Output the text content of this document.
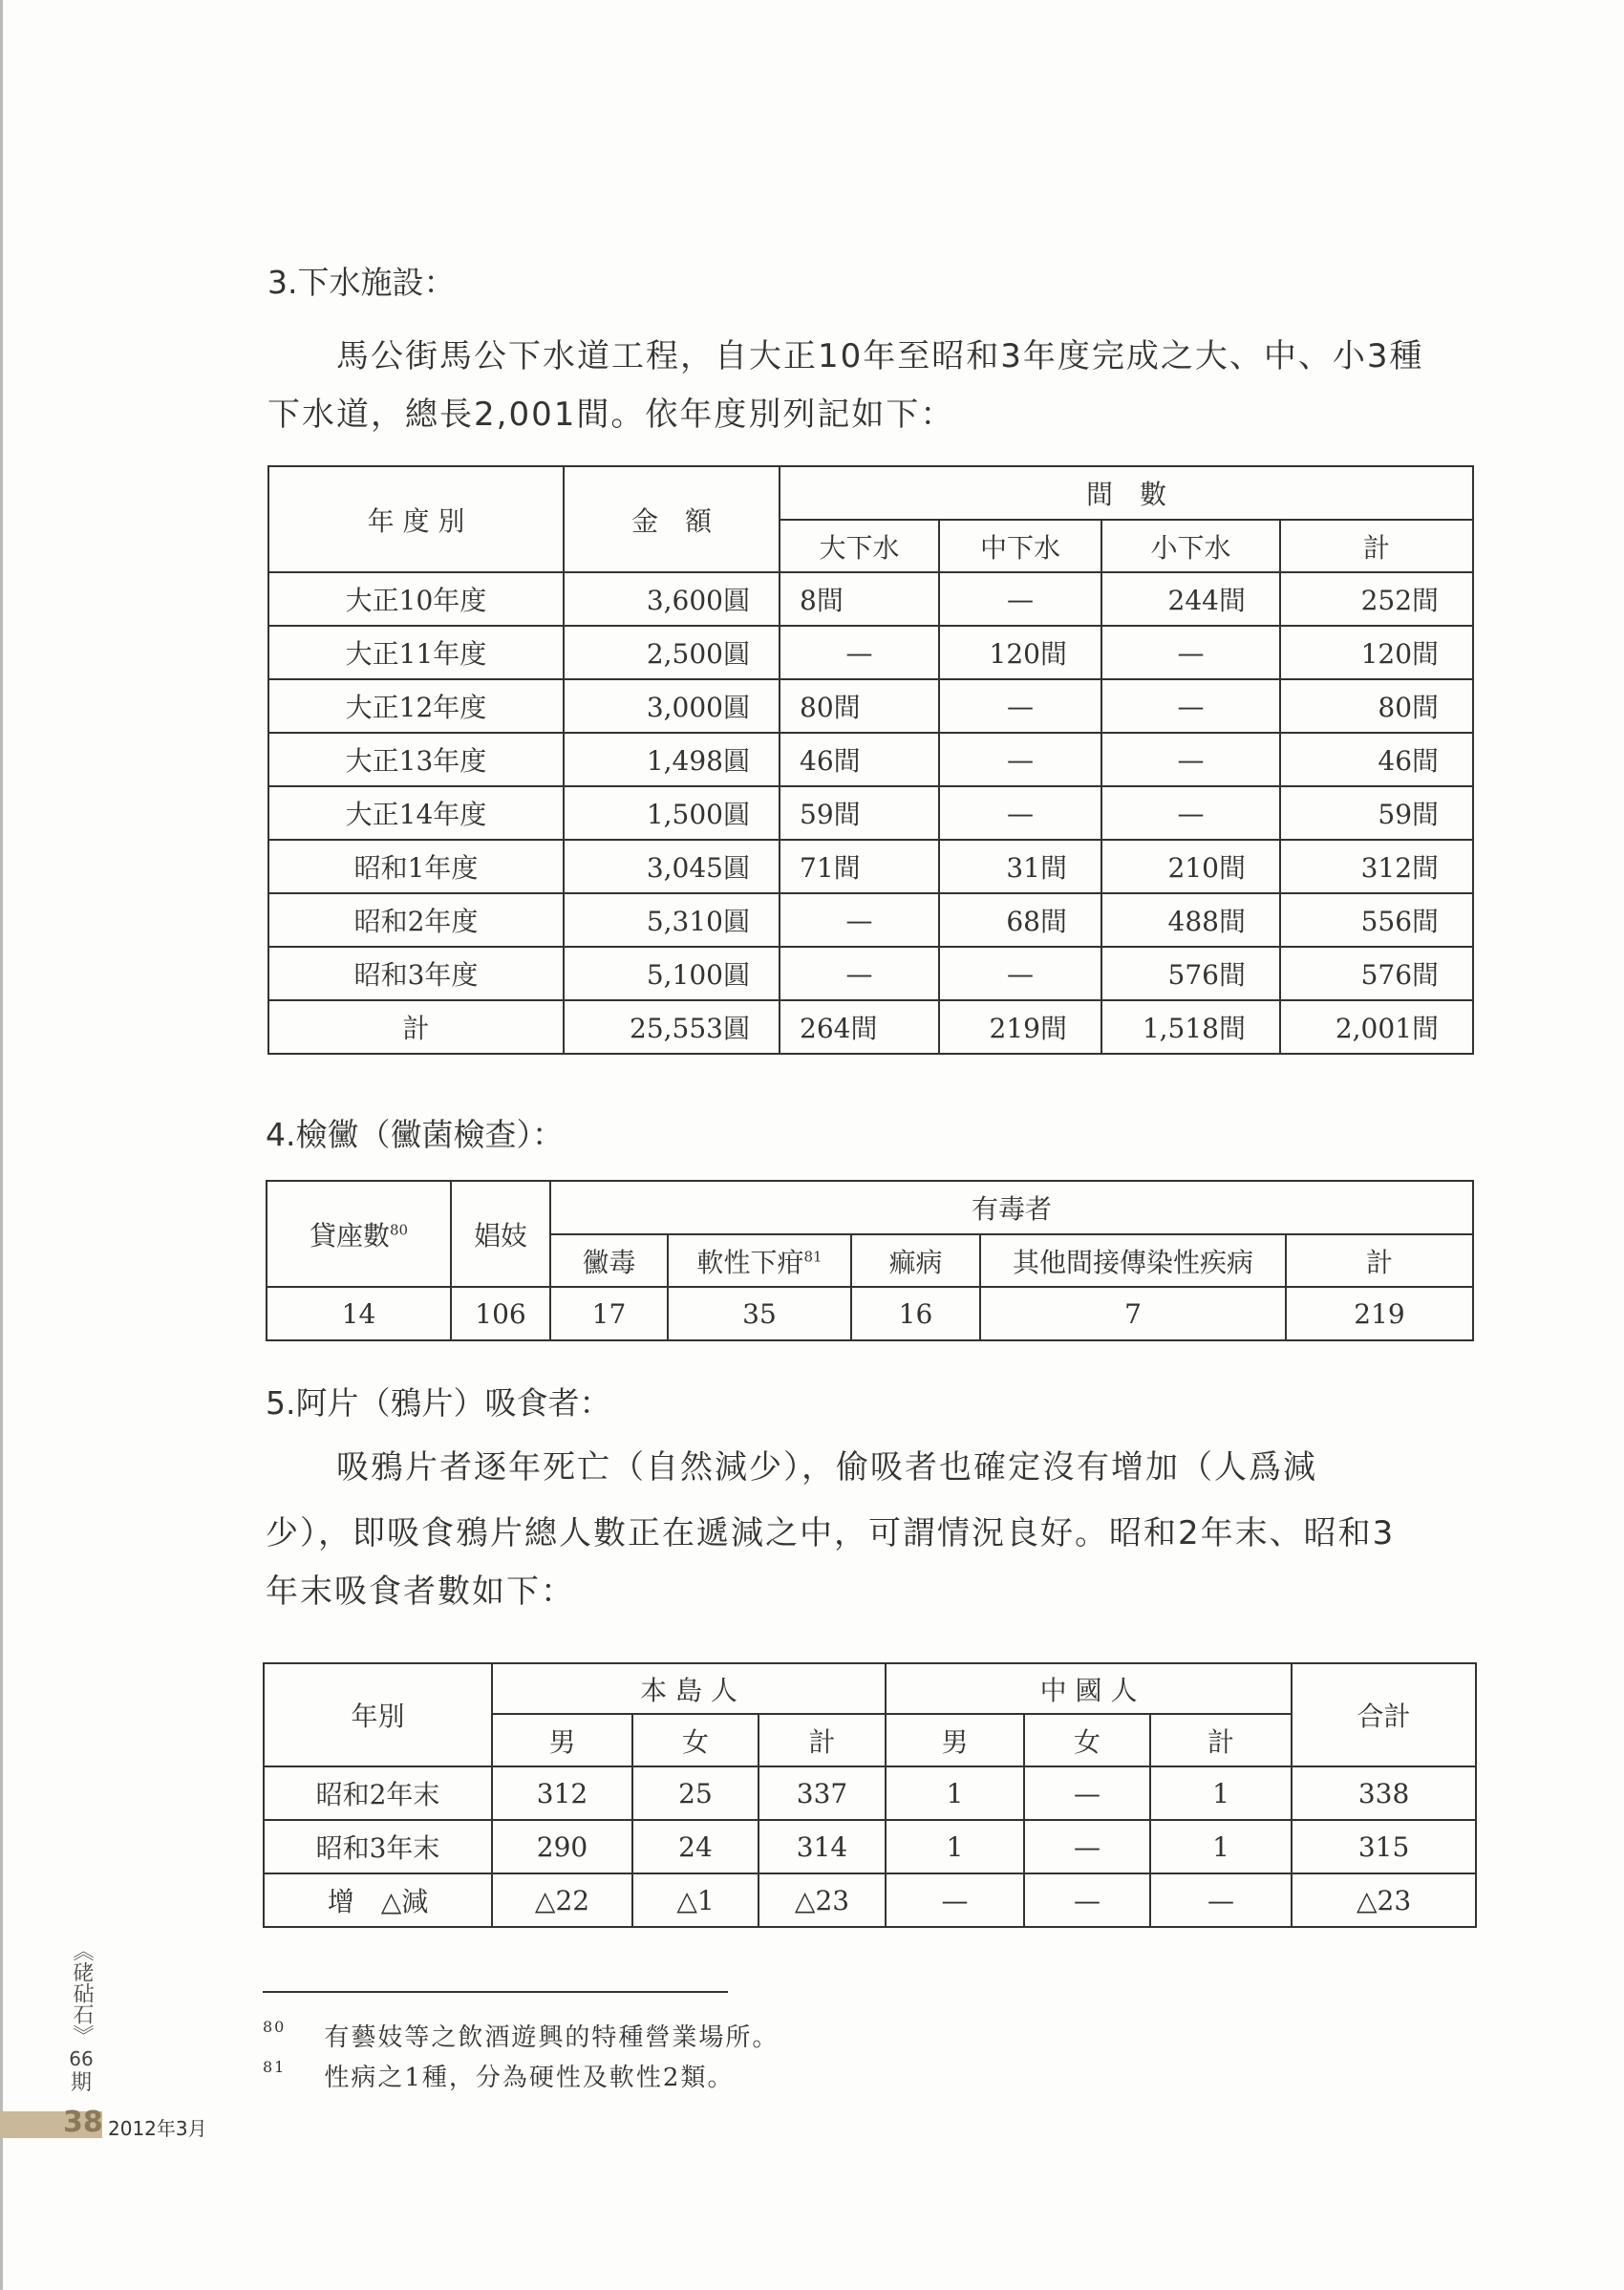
3.下水施設：
馬公街馬公下水道工程，自大正10年至昭和3年度完成之大、中、小3種
下水道，總長2,001間。依年度別列記如下：
年 度 別	金　額	間　數			
		大下水	中下水	小下水	計
大正10年度	3,600圓	8間	—	244間	252間
大正11年度	2,500圓	—	120間	—	120間
大正12年度	3,000圓	80間	—	—	80間
大正13年度	1,498圓	46間	—	—	46間
大正14年度	1,500圓	59間	—	—	59間
昭和1年度	3,045圓	71間	31間	210間	312間
昭和2年度	5,310圓	—	68間	488間	556間
昭和3年度	5,100圓	—	—	576間	576間
計	25,553圓	264間	219間	1,518間	2,001間
4.檢黴（黴菌檢查）：
貸座數$^{80}$	娼妓	有毒者				
		黴毒	軟性下疳$^{81}$	痲病	其他間接傳染性疾病	計
14	106	17	35	16	7	219
5.阿片（鴉片）吸食者：
吸鴉片者逐年死亡（自然減少），偷吸者也確定沒有增加（人爲減
少），即吸食鴉片總人數正在遞減之中，可謂情況良好。昭和2年末、昭和3
年末吸食者數如下：
年別	本 島 人			中 國 人			合計
	男	女	計	男	女	計	
昭和2年末	312	25	337	1	—	1	338
昭和3年末	290	24	314	1	—	1	315
增　△減	△22	△1	△23	—	—	—	△23
$^{80}$ 有藝妓等之飲酒遊興的特種營業場所。
$^{81}$ 性病之1種，分為硬性及軟性2類。
《硓砧石》
66
期
38 2012年3月
